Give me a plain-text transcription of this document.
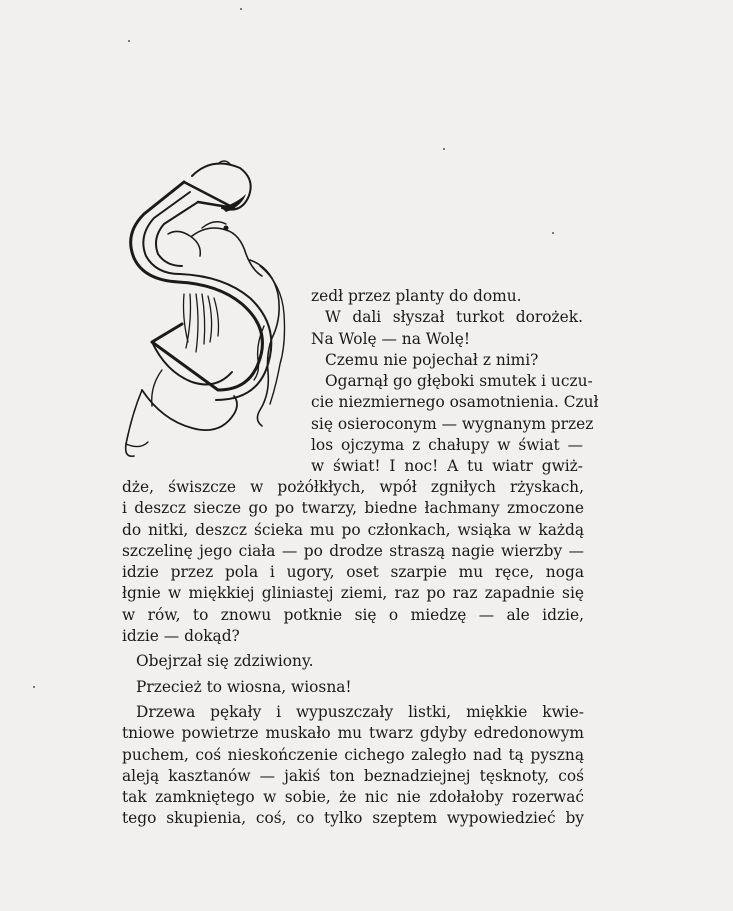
zedł przez planty do domu.
W dali słyszał turkot dorożek.
Na Wolę — na Wolę!
Czemu nie pojechał z nimi?
Ogarnął go głęboki smutek i uczu-
cie niezmiernego osamotnienia. Czuł
się osieroconym — wygnanym przez
los ojczyma z chałupy w świat —
w świat! I noc! A tu wiatr gwiż-
dże, świszcze w pożółkłych, wpół zgniłych rżyskach,
i deszcz siecze go po twarzy, biedne łachmany zmoczone
do nitki, deszcz ścieka mu po członkach, wsiąka w każdą
szczelinę jego ciała — po drodze straszą nagie wierzby —
idzie przez pola i ugory, oset szarpie mu ręce, noga
łgnie w miękkiej gliniastej ziemi, raz po raz zapadnie się
w rów, to znowu potknie się o miedzę — ale idzie,
idzie — dokąd?
Obejrzał się zdziwiony.
Przecież to wiosna, wiosna!
Drzewa pękały i wypuszczały listki, miękkie kwie-
tniowe powietrze muskało mu twarz gdyby edredonowym
puchem, coś nieskończenie cichego zaległo nad tą pyszną
aleją kasztanów — jakiś ton beznadziejnej tęsknoty, coś
tak zamkniętego w sobie, że nic nie zdołałoby rozerwać
tego skupienia, coś, co tylko szeptem wypowiedzieć by
